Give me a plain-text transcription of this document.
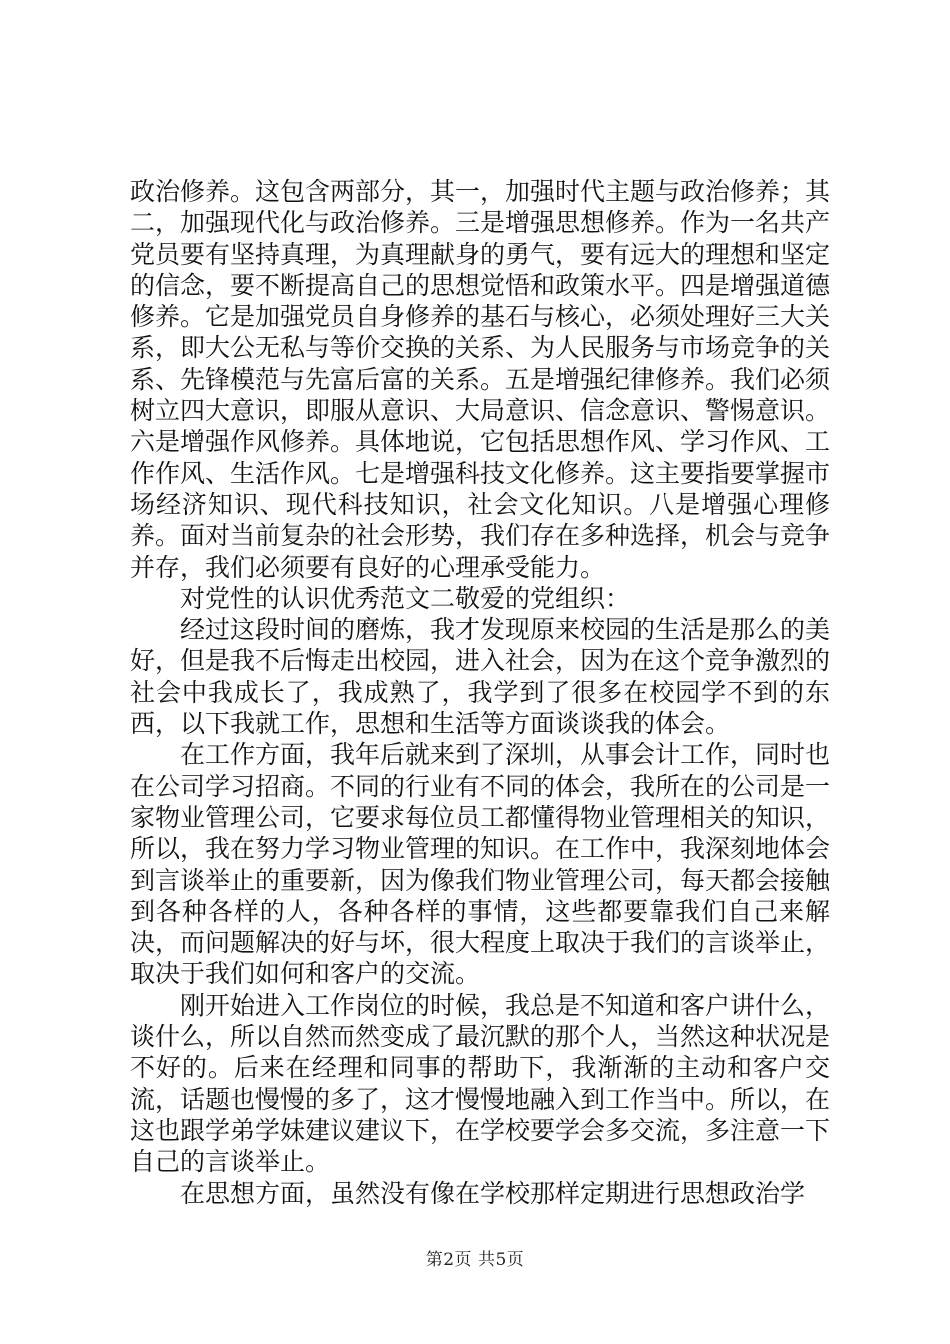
政治修养。这包含两部分，其一，加强时代主题与政治修养；其二，加强现代化与政治修养。三是增强思想修养。作为一名共产党员要有坚持真理，为真理献身的勇气，要有远大的理想和坚定的信念，要不断提高自己的思想觉悟和政策水平。四是增强道德修养。它是加强党员自身修养的基石与核心，必须处理好三大关系，即大公无私与等价交换的关系、为人民服务与市场竞争的关系、先锋模范与先富后富的关系。五是增强纪律修养。我们必须树立四大意识，即服从意识、大局意识、信念意识、警惕意识。六是增强作风修养。具体地说，它包括思想作风、学习作风、工作作风、生活作风。七是增强科技文化修养。这主要指要掌握市场经济知识、现代科技知识，社会文化知识。八是增强心理修养。面对当前复杂的社会形势，我们存在多种选择，机会与竞争并存，我们必须要有良好的心理承受能力。

对党性的认识优秀范文二敬爱的党组织：

经过这段时间的磨炼，我才发现原来校园的生活是那么的美好，但是我不后悔走出校园，进入社会，因为在这个竞争激烈的社会中我成长了，我成熟了，我学到了很多在校园学不到的东西，以下我就工作，思想和生活等方面谈谈我的体会。

在工作方面，我年后就来到了深圳，从事会计工作，同时也在公司学习招商。不同的行业有不同的体会，我所在的公司是一家物业管理公司，它要求每位员工都懂得物业管理相关的知识，所以，我在努力学习物业管理的知识。在工作中，我深刻地体会到言谈举止的重要新，因为像我们物业管理公司，每天都会接触到各种各样的人，各种各样的事情，这些都要靠我们自己来解决，而问题解决的好与坏，很大程度上取决于我们的言谈举止，取决于我们如何和客户的交流。

刚开始进入工作岗位的时候，我总是不知道和客户讲什么，谈什么，所以自然而然变成了最沉默的那个人，当然这种状况是不好的。后来在经理和同事的帮助下，我渐渐的主动和客户交流，话题也慢慢的多了，这才慢慢地融入到工作当中。所以，在这也跟学弟学妹建议建议下，在学校要学会多交流，多注意一下自己的言谈举止。

在思想方面，虽然没有像在学校那样定期进行思想政治学

第2页 共5页
